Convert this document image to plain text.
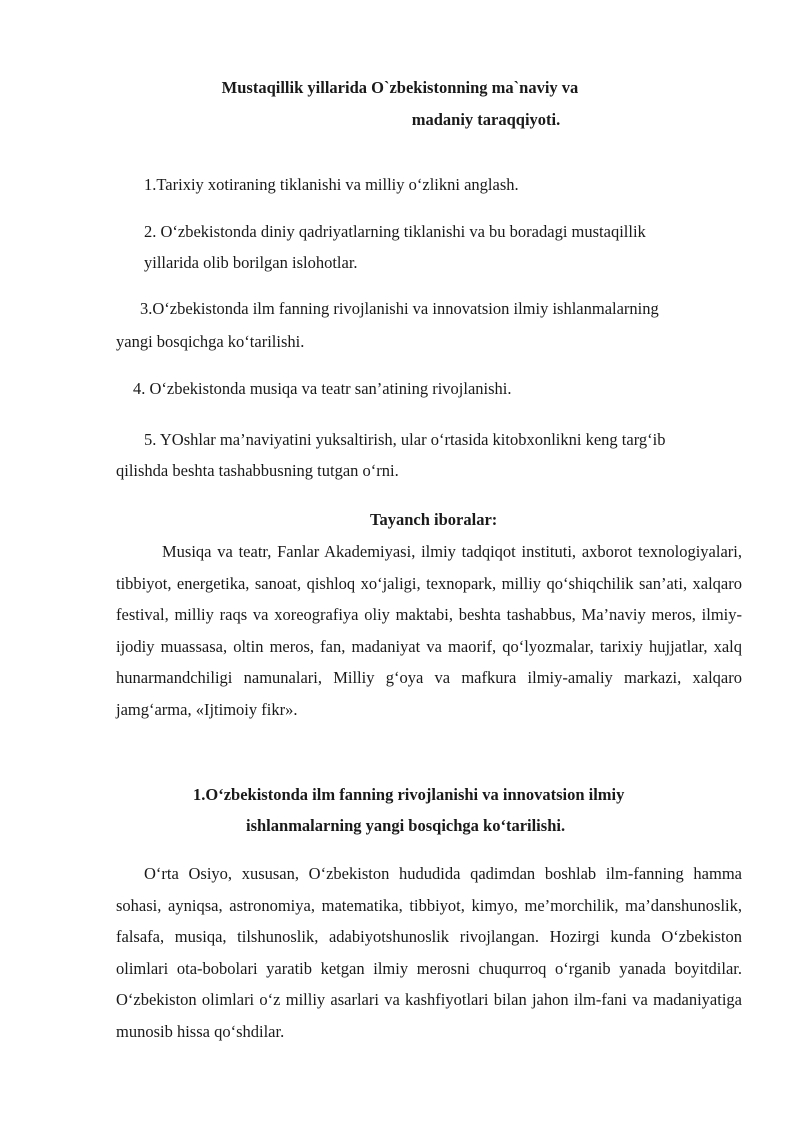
Mustaqillik yillarida O`zbekistonning ma`naviy va
madaniy taraqqiyoti.
1.Tarixiy xotiraning tiklanishi va milliy o‘zlikni anglash.
2. O‘zbekistonda diniy qadriyatlarning tiklanishi va bu boradagi mustaqillik
yillarida olib borilgan islohotlar.
3.O‘zbekistonda ilm fanning rivojlanishi va innovatsion ilmiy ishlanmalarning
yangi bosqichga ko‘tarilishi.
4. O‘zbekistonda musiqa va teatr san’atining rivojlanishi.
5. YOshlar ma’naviyatini yuksaltirish, ular o‘rtasida kitobxonlikni keng targ‘ib
qilishda beshta tashabbusning tutgan o‘rni.
Tayanch iboralar:
Musiqa va teatr, Fanlar Akademiyasi, ilmiy tadqiqot instituti, axborot texnologiyalari, tibbiyot, energetika, sanoat, qishloq xo‘jaligi, texnopark, milliy qo‘shiqchilik san’ati, xalqaro festival, milliy raqs va xoreografiya oliy maktabi, beshta tashabbus, Ma’naviy meros, ilmiy-ijodiy muassasa, oltin meros, fan, madaniyat va maorif, qo‘lyozmalar, tarixiy hujjatlar, xalq hunarmandchiligi namunalari, Milliy g‘oya va mafkura ilmiy-amaliy markazi, xalqaro jamg‘arma, «Ijtimoiy fikr».
1.O‘zbekistonda ilm fanning rivojlanishi va innovatsion ilmiy
ishlanmalarning yangi bosqichga ko‘tarilishi.
O‘rta Osiyo, xususan, O‘zbekiston hududida qadimdan boshlab ilm-fanning hamma sohasi, ayniqsa, astronomiya, matematika, tibbiyot, kimyo, me’morchilik, ma’danshunoslik, falsafa, musiqa, tilshunoslik, adabiyotshunoslik rivojlangan. Hozirgi kunda O‘zbekiston olimlari ota-bobolari yaratib ketgan ilmiy merosni chuqurroq o‘rganib yanada boyitdilar. O‘zbekiston olimlari o‘z milliy asarlari va kashfiyotlari bilan jahon ilm-fani va madaniyatiga munosib hissa qo‘shdilar.
